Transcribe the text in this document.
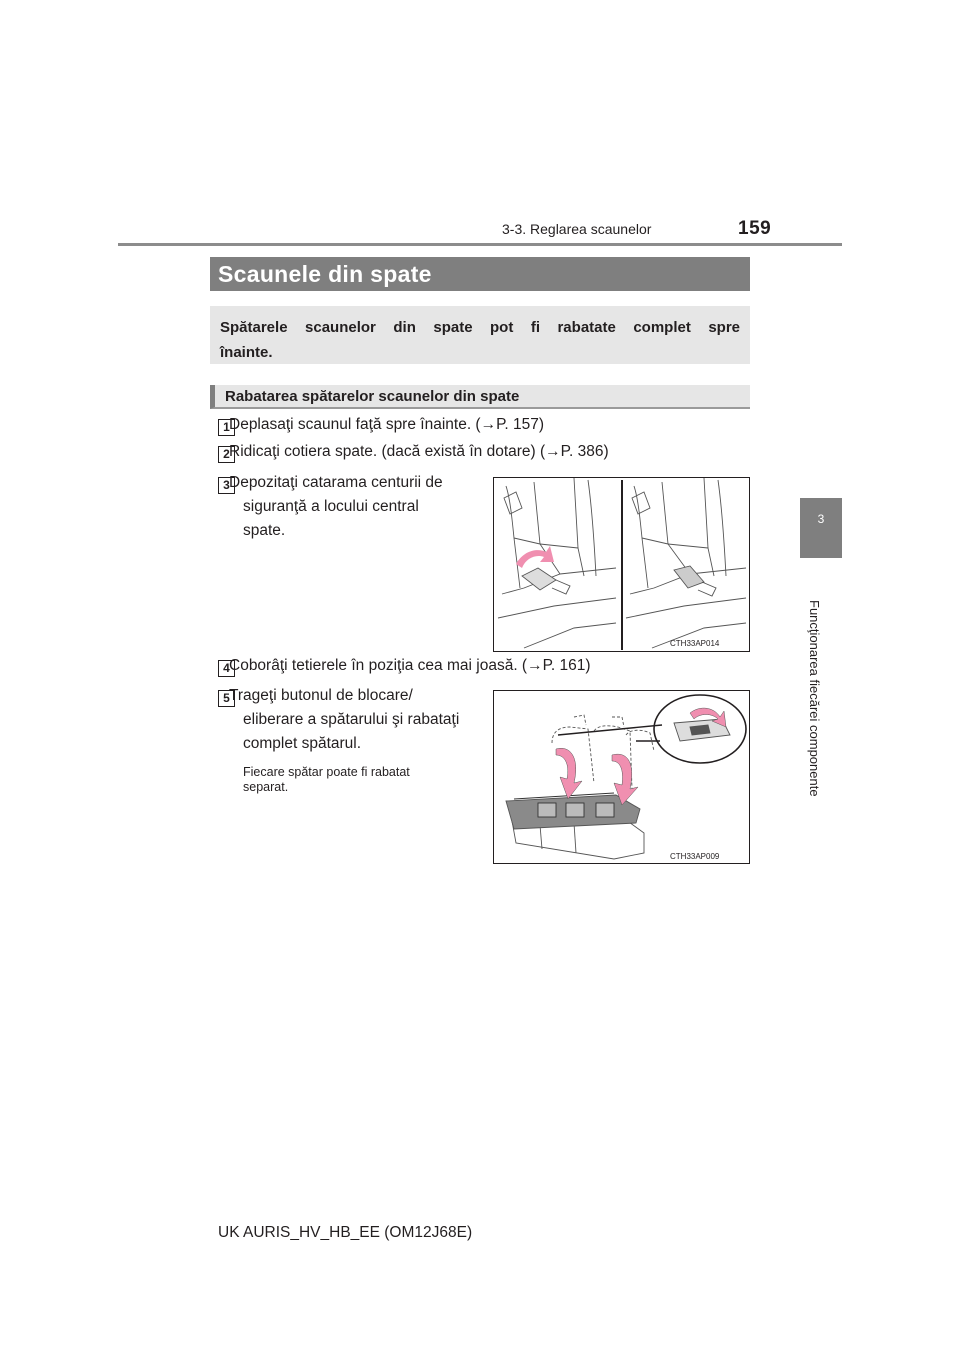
159
3-3. Reglarea scaunelor
3
Funcţionarea fiecărei componente
Scaunele din spate
Spătarele scaunelor din spate pot fi rabatate complet spre înainte.
Rabatarea spătarelor scaunelor din spate
1 Deplasaţi scaunul faţă spre înainte. (→P. 157)
2 Ridicaţi cotiera spate. (dacă există în dotare) (→P. 386)
3 Depozitaţi catarama centurii de
siguranţă a locului central
spate.
CTH33AP014
4 Coborâţi tetierele în poziţia cea mai joasă. (→P. 161)
5 Trageţi butonul de blocare/
eliberare a spătarului şi rabataţi
complet spătarul.
Fiecare spătar poate fi rabatat
separat.
CTH33AP009
UK AURIS_HV_HB_EE (OM12J68E)
